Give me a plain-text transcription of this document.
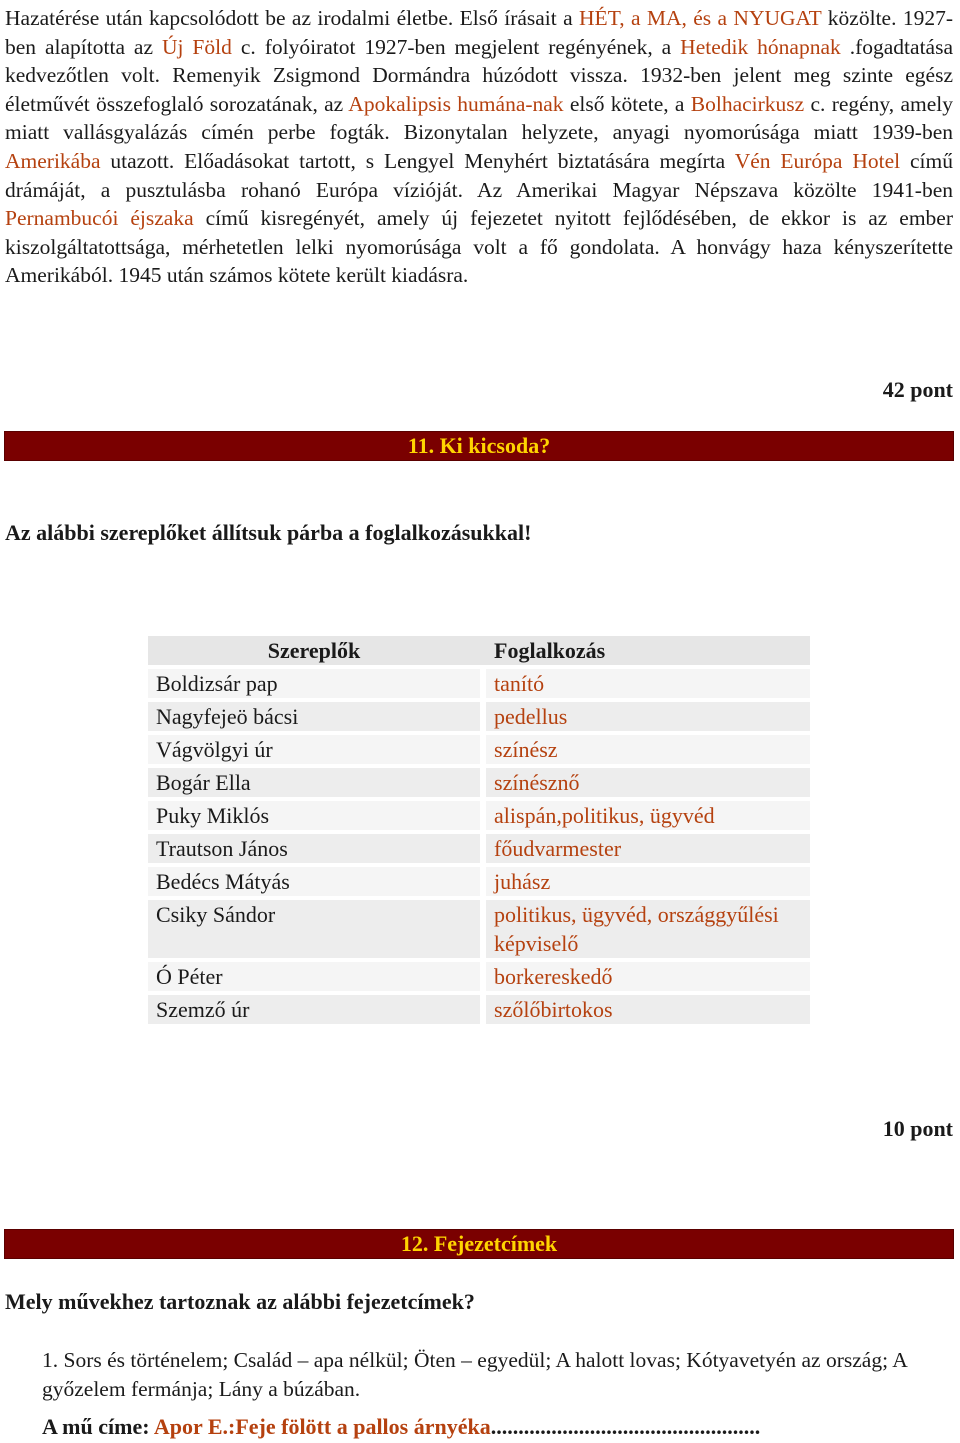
Hazatérése után kapcsolódott be az irodalmi életbe. Első írásait a HÉT, a MA, és a NYUGAT közölte. 1927-ben alapította az Új Föld c. folyóiratot 1927-ben megjelent regényének, a Hetedik hónapnak .fogadtatása kedvezőtlen volt. Remenyik Zsigmond Dormándra húzódott vissza. 1932-ben jelent meg szinte egész életművét összefoglaló sorozatának, az Apokalipsis humána-nak első kötete, a Bolhacirkusz c. regény, amely miatt vallásgyalázás címén perbe fogták. Bizonytalan helyzete, anyagi nyomorúsága miatt 1939-ben Amerikába utazott. Előadásokat tartott, s Lengyel Menyhért biztatására megírta Vén Európa Hotel című drámáját, a pusztulásba rohanó Európa vízióját. Az Amerikai Magyar Népszava közölte 1941-ben Pernambucói éjszaka című kisregényét, amely új fejezetet nyitott fejlődésében, de ekkor is az ember kiszolgáltatottsága, mérhetetlen lelki nyomorúsága volt a fő gondolata. A honvágy haza kényszerítette Amerikából. 1945 után számos kötete került kiadásra.
42 pont
11. Ki kicsoda?
Az alábbi szereplőket állítsuk párba a foglalkozásukkal!
Szereplők		Foglalkozás
Boldizsár pap		tanító
Nagyfejeö bácsi		pedellus
Vágvölgyi úr		színész
Bogár Ella		színésznő
Puky Miklós		alispán,politikus, ügyvéd
Trautson János		főudvarmester
Bedécs Mátyás		juhász
Csiky Sándor		politikus, ügyvéd, országgyűlési képviselő
Ó Péter		borkereskedő
Szemző úr		szőlőbirtokos
10 pont
12. Fejezetcímek
Mely művekhez tartoznak az alábbi fejezetcímek?
1. Sors és történelem; Család – apa nélkül; Öten – egyedül; A halott lovas; Kótyavetyén az ország; A győzelem fermánja; Lány a búzában.
A mű címe: Apor E.:Feje fölött a pallos árnyéka.................................................
